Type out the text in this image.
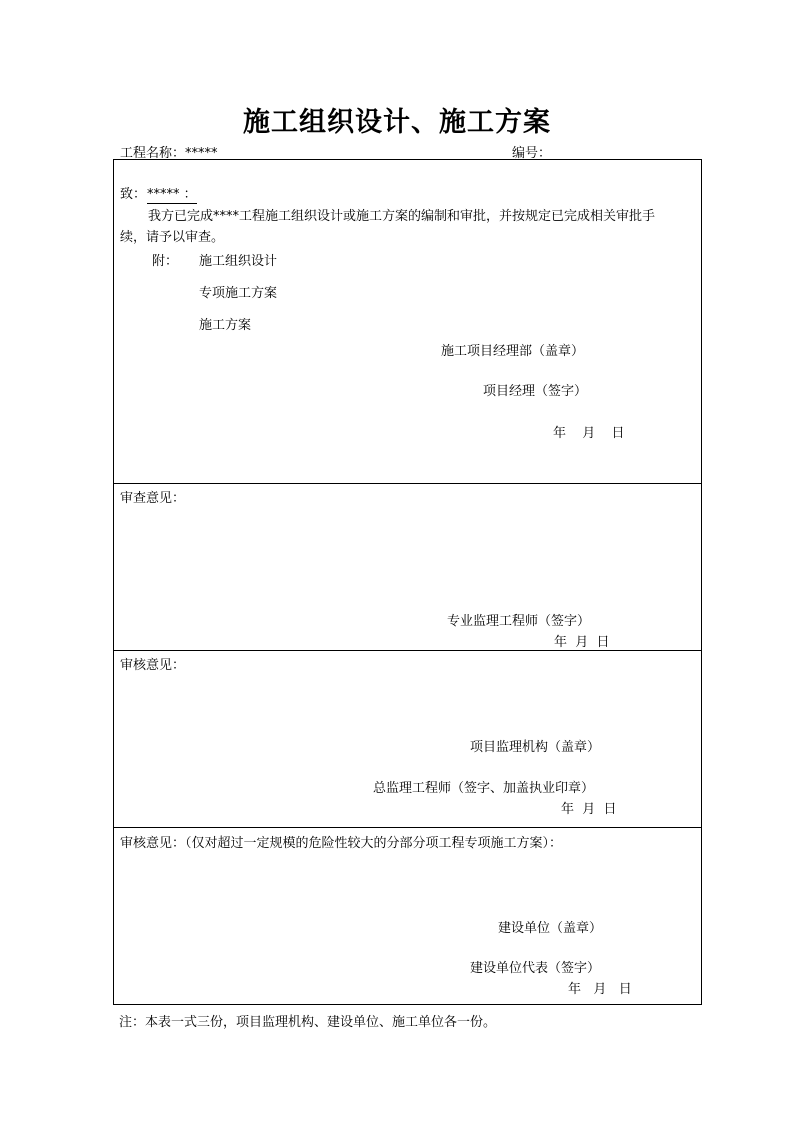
施工组织设计、施工方案
工程名称：*****	编号：
致： ***** ：
我方已完成****工程施工组织设计或施工方案的编制和审批，并按规定已完成相关审批手
续，请予以审查。
附： 施工组织设计
专项施工方案
施工方案
施工项目经理部（盖章）
项目经理（签字）
年  月  日
审查意见：
专业监理工程师（签字）
年  月  日
审核意见：
项目监理机构（盖章）
总监理工程师（签字、加盖执业印章）
年  月  日
审核意见：（仅对超过一定规模的危险性较大的分部分项工程专项施工方案）：
建设单位（盖章）
建设单位代表（签字）
年   月   日
注：本表一式三份，项目监理机构、建设单位、施工单位各一份。
